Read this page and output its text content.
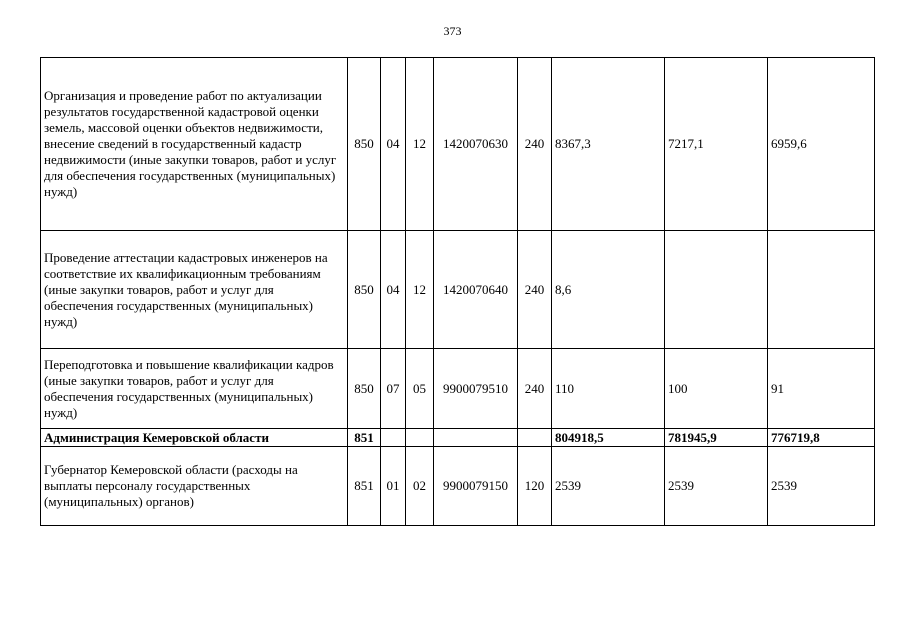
373
Организация и проведение работ по актуализации результатов государственной кадастровой оценки земель, массовой оценки объектов недвижимости, внесение сведений в государственный кадастр недвижимости (иные закупки товаров, работ и услуг для обеспечения государственных (муниципальных) нужд)	850	04	12	1420070630	240	8367,3	7217,1	6959,6
Проведение аттестации кадастровых инженеров на соответствие их квалификационным требованиям (иные закупки товаров, работ и услуг для обеспечения государственных (муниципальных) нужд)	850	04	12	1420070640	240	8,6		
Переподготовка и повышение квалификации кадров (иные закупки товаров, работ и услуг для обеспечения государственных (муниципальных) нужд)	850	07	05	9900079510	240	110	100	91
Администрация Кемеровской области	851					804918,5	781945,9	776719,8
Губернатор Кемеровской области (расходы на выплаты персоналу государственных (муниципальных) органов)	851	01	02	9900079150	120	2539	2539	2539
